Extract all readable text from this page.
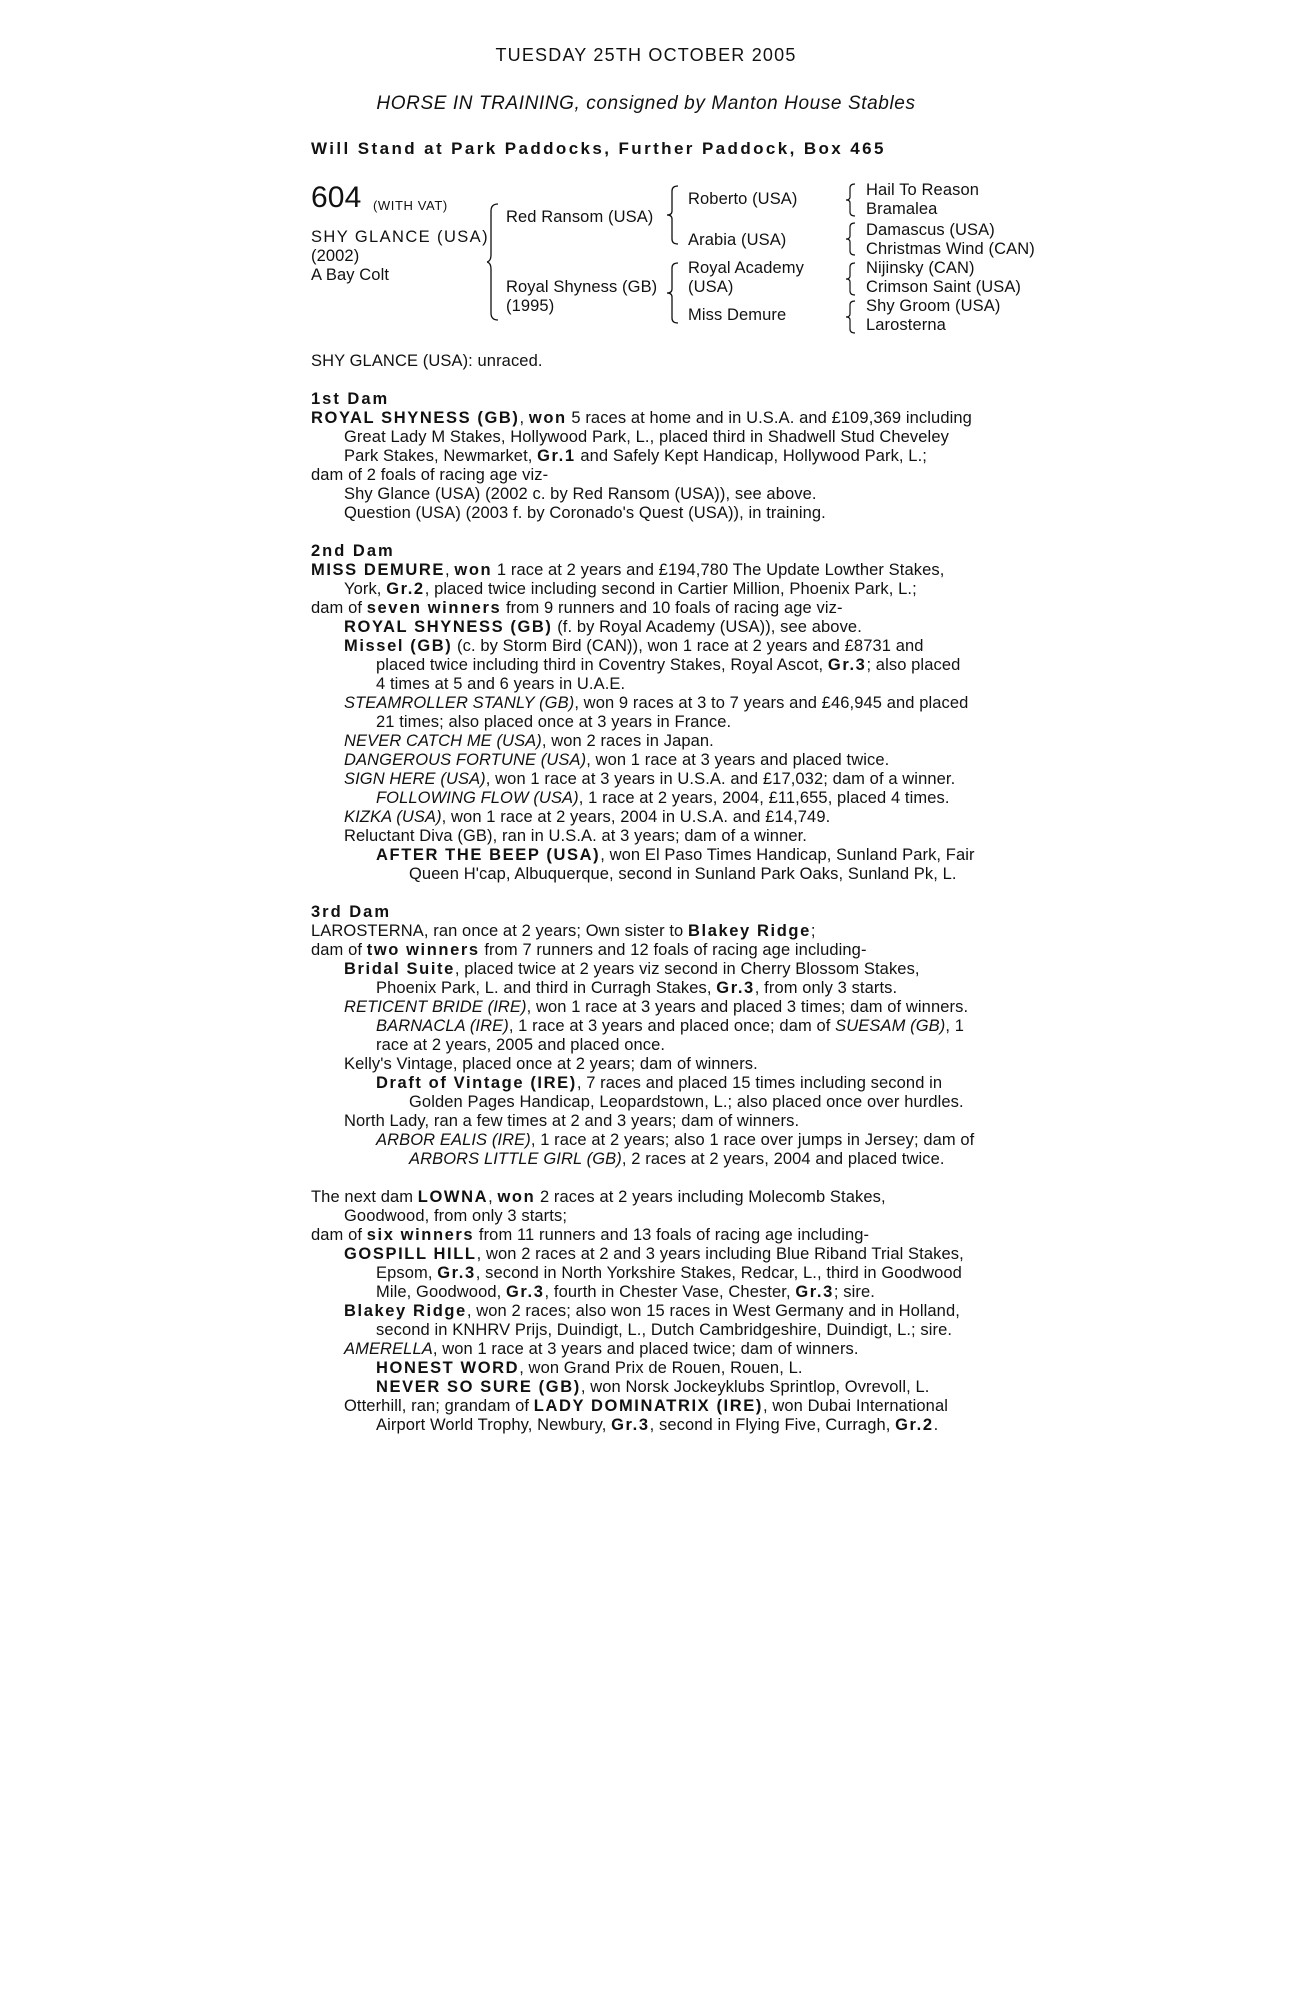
TUESDAY 25TH OCTOBER 2005
HORSE IN TRAINING, consigned by Manton House Stables
Will Stand at Park Paddocks, Further Paddock, Box 465
604 (WITH VAT)
SHY GLANCE (USA)
(2002)
A Bay Colt
Red Ransom (USA)
Royal Shyness (GB)
(1995)
Roberto (USA)
Arabia (USA)
Royal Academy
(USA)
Miss Demure
Hail To Reason
Bramalea
Damascus (USA)
Christmas Wind (CAN)
Nijinsky (CAN)
Crimson Saint (USA)
Shy Groom (USA)
Larosterna
SHY GLANCE (USA): unraced.
1st Dam
ROYAL SHYNESS (GB), won 5 races at home and in U.S.A. and £109,369 including
Great Lady M Stakes, Hollywood Park, L., placed third in Shadwell Stud Cheveley
Park Stakes, Newmarket, Gr.1 and Safely Kept Handicap, Hollywood Park, L.;
dam of 2 foals of racing age viz-
Shy Glance (USA) (2002 c. by Red Ransom (USA)), see above.
Question (USA) (2003 f. by Coronado's Quest (USA)), in training.
2nd Dam
MISS DEMURE, won 1 race at 2 years and £194,780 The Update Lowther Stakes,
York, Gr.2, placed twice including second in Cartier Million, Phoenix Park, L.;
dam of seven winners from 9 runners and 10 foals of racing age viz-
ROYAL SHYNESS (GB) (f. by Royal Academy (USA)), see above.
Missel (GB) (c. by Storm Bird (CAN)), won 1 race at 2 years and £8731 and
placed twice including third in Coventry Stakes, Royal Ascot, Gr.3; also placed
4 times at 5 and 6 years in U.A.E.
STEAMROLLER STANLY (GB), won 9 races at 3 to 7 years and £46,945 and placed
21 times; also placed once at 3 years in France.
NEVER CATCH ME (USA), won 2 races in Japan.
DANGEROUS FORTUNE (USA), won 1 race at 3 years and placed twice.
SIGN HERE (USA), won 1 race at 3 years in U.S.A. and £17,032; dam of a winner.
FOLLOWING FLOW (USA), 1 race at 2 years, 2004, £11,655, placed 4 times.
KIZKA (USA), won 1 race at 2 years, 2004 in U.S.A. and £14,749.
Reluctant Diva (GB), ran in U.S.A. at 3 years; dam of a winner.
AFTER THE BEEP (USA), won El Paso Times Handicap, Sunland Park, Fair
Queen H'cap, Albuquerque, second in Sunland Park Oaks, Sunland Pk, L.
3rd Dam
LAROSTERNA, ran once at 2 years; Own sister to Blakey Ridge;
dam of two winners from 7 runners and 12 foals of racing age including-
Bridal Suite, placed twice at 2 years viz second in Cherry Blossom Stakes,
Phoenix Park, L. and third in Curragh Stakes, Gr.3, from only 3 starts.
RETICENT BRIDE (IRE), won 1 race at 3 years and placed 3 times; dam of winners.
BARNACLA (IRE), 1 race at 3 years and placed once; dam of SUESAM (GB), 1
race at 2 years, 2005 and placed once.
Kelly's Vintage, placed once at 2 years; dam of winners.
Draft of Vintage (IRE), 7 races and placed 15 times including second in
Golden Pages Handicap, Leopardstown, L.; also placed once over hurdles.
North Lady, ran a few times at 2 and 3 years; dam of winners.
ARBOR EALIS (IRE), 1 race at 2 years; also 1 race over jumps in Jersey; dam of
ARBORS LITTLE GIRL (GB), 2 races at 2 years, 2004 and placed twice.
The next dam LOWNA, won 2 races at 2 years including Molecomb Stakes,
Goodwood, from only 3 starts;
dam of six winners from 11 runners and 13 foals of racing age including-
GOSPILL HILL, won 2 races at 2 and 3 years including Blue Riband Trial Stakes,
Epsom, Gr.3, second in North Yorkshire Stakes, Redcar, L., third in Goodwood
Mile, Goodwood, Gr.3, fourth in Chester Vase, Chester, Gr.3; sire.
Blakey Ridge, won 2 races; also won 15 races in West Germany and in Holland,
second in KNHRV Prijs, Duindigt, L., Dutch Cambridgeshire, Duindigt, L.; sire.
AMERELLA, won 1 race at 3 years and placed twice; dam of winners.
HONEST WORD, won Grand Prix de Rouen, Rouen, L.
NEVER SO SURE (GB), won Norsk Jockeyklubs Sprintlop, Ovrevoll, L.
Otterhill, ran; grandam of LADY DOMINATRIX (IRE), won Dubai International
Airport World Trophy, Newbury, Gr.3, second in Flying Five, Curragh, Gr.2.
